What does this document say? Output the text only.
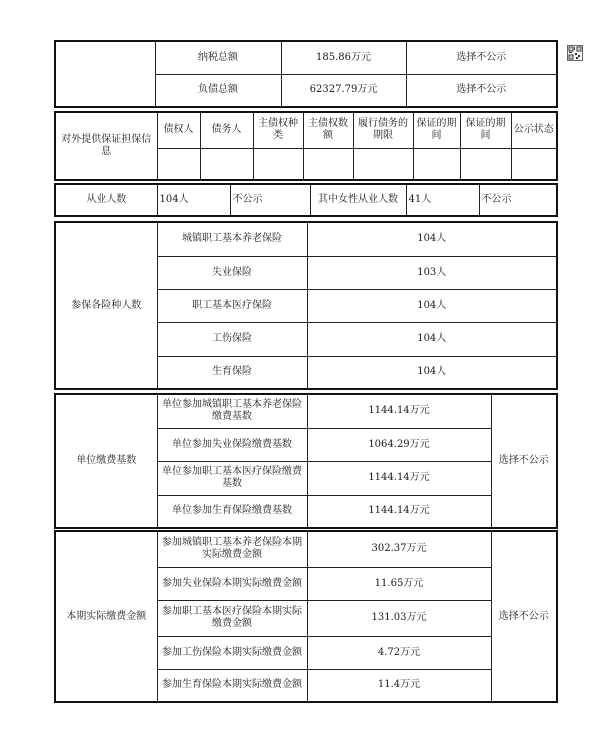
	纳税总额	185.86万元	选择不公示
	负债总额	62327.79万元	选择不公示
对外提供保证担保信息	债权人	债务人	主债权种类	主债权数额	履行债务的期限	保证的期间	保证的期间	公示状态

从业人数	104人	不公示	其中女性从业人数	41人	不公示
参保各险种人数	城镇职工基本养老保险	104人
	失业保险	103人
	职工基本医疗保险	104人
	工伤保险	104人
	生育保险	104人
单位缴费基数	单位参加城镇职工基本养老保险缴费基数	1144.14万元	选择不公示
	单位参加失业保险缴费基数	1064.29万元	
	单位参加职工基本医疗保险缴费基数	1144.14万元	
	单位参加生育保险缴费基数	1144.14万元	
本期实际缴费金额	参加城镇职工基本养老保险本期实际缴费金额	302.37万元	选择不公示
	参加失业保险本期实际缴费金额	11.65万元	
	参加职工基本医疗保险本期实际缴费金额	131.03万元	
	参加工伤保险本期实际缴费金额	4.72万元	
	参加生育保险本期实际缴费金额	11.4万元	
